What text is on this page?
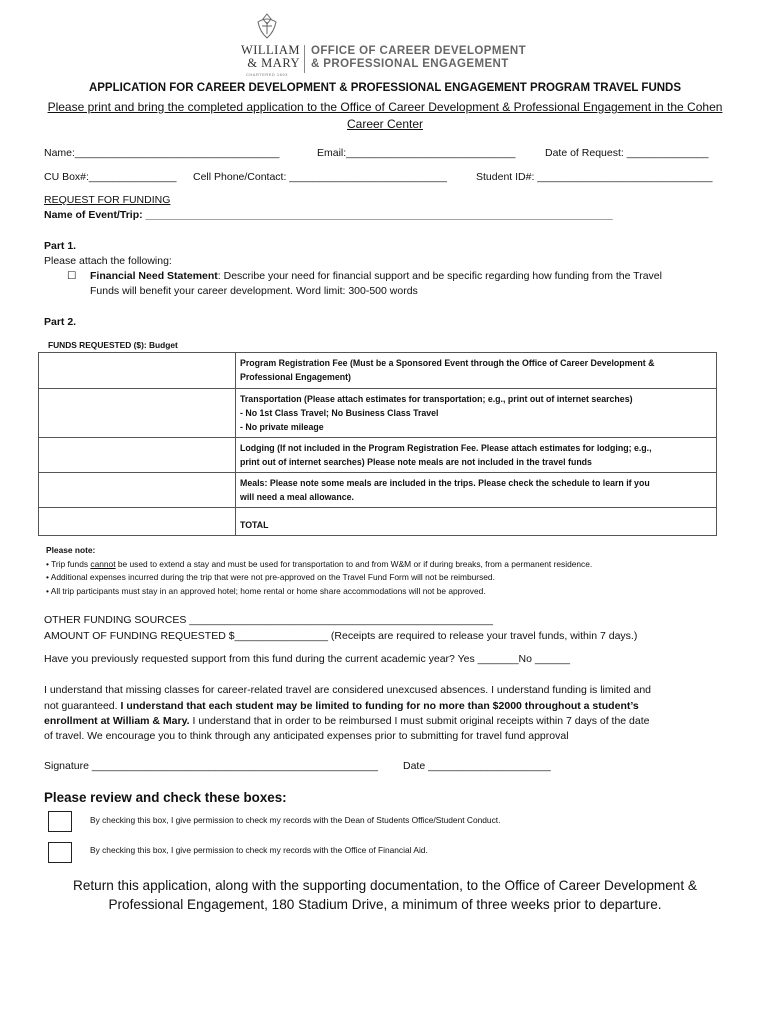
WILLIAM
& MARY
CHARTERED 1693
OFFICE OF CAREER DEVELOPMENT
& PROFESSIONAL ENGAGEMENT
APPLICATION FOR CAREER DEVELOPMENT & PROFESSIONAL ENGAGEMENT PROGRAM TRAVEL FUNDS
Please print and bring the completed application to the Office of Career Development & Professional Engagement in the Cohen Career Center
Name:___________________________________	Email:_____________________________	Date of Request: ______________
CU Box#:_______________ Cell Phone/Contact: ___________________________	Student ID#: ______________________________
REQUEST FOR FUNDING
Name of Event/Trip: ________________________________________________________________________________
Part 1.
Please attach the following:
☐ Financial Need Statement: Describe your need for financial support and be specific regarding how funding from the Travel
Funds will benefit your career development. Word limit: 300-500 words
Part 2.
FUNDS REQUESTED ($): Budget

	Program Registration Fee (Must be a Sponsored Event through the Office of Career Development &
Professional Engagement)

	Transportation (Please attach estimates for transportation; e.g., print out of internet searches)
- No 1st Class Travel; No Business Class Travel
- No private mileage

	Lodging (If not included in the Program Registration Fee. Please attach estimates for lodging; e.g.,
print out of internet searches) Please note meals are not included in the travel funds

	Meals: Please note some meals are included in the trips. Please check the schedule to learn if you
will need a meal allowance.

	TOTAL
Please note:
• Trip funds cannot be used to extend a stay and must be used for transportation to and from W&M or if during breaks, from a permanent residence.
• Additional expenses incurred during the trip that were not pre-approved on the Travel Fund Form will not be reimbursed.
• All trip participants must stay in an approved hotel; home rental or home share accommodations will not be approved.
OTHER FUNDING SOURCES ____________________________________________________
AMOUNT OF FUNDING REQUESTED $________________ (Receipts are required to release your travel funds, within 7 days.)
Have you previously requested support from this fund during the current academic year? Yes _______No ______
I understand that missing classes for career-related travel are considered unexcused absences. I understand funding is limited and
not guaranteed. I understand that each student may be limited to funding for no more than $2000 throughout a student’s
enrollment at William & Mary. I understand that in order to be reimbursed I must submit original receipts within 7 days of the date
of travel. We encourage you to think through any anticipated expenses prior to submitting for travel fund approval
Signature _________________________________________________ Date _____________________
Please review and check these boxes:
By checking this box, I give permission to check my records with the Dean of Students Office/Student Conduct.
By checking this box, I give permission to check my records with the Office of Financial Aid.
Return this application, along with the supporting documentation, to the Office of Career Development & Professional Engagement, 180 Stadium Drive, a minimum of three weeks prior to departure.
